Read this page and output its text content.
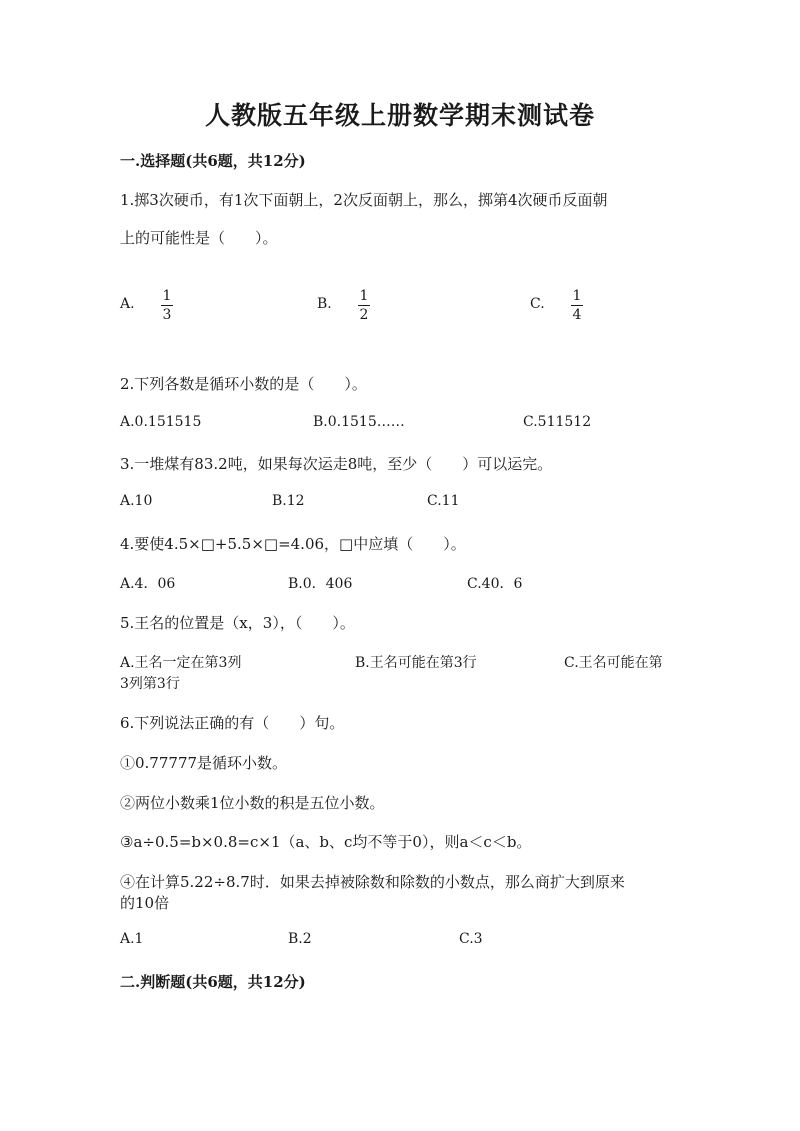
人教版五年级上册数学期末测试卷
一.选择题(共6题，共12分)
1.掷3次硬币，有1次下面朝上，2次反面朝上，那么，掷第4次硬币反面朝
上的可能性是（　　）。
A. 1
3
B. 1
2
C. 1
4
2.下列各数是循环小数的是（　　）。
A.0.151515	B.0.1515……	C.511512
3.一堆煤有83.2吨，如果每次运走8吨，至少（　　）可以运完。
A.10	B.12	C.11
4.要使4.5×□+5.5×□=4.06，□中应填（　　）。
A.4．06	B.0．406	C.40．6
5.王名的位置是（x，3），（　　）。
A.王名一定在第3列	B.王名可能在第3行	C.王名可能在第
3列第3行
6.下列说法正确的有（　　）句。
①0.77777是循环小数。
②两位小数乘1位小数的积是五位小数。
③a÷0.5=b×0.8=c×1（a、b、c均不等于0），则a＜c＜b。
④在计算5.22÷8.7时．如果去掉被除数和除数的小数点，那么商扩大到原来
的10倍
A.1	B.2	C.3
二.判断题(共6题，共12分)
